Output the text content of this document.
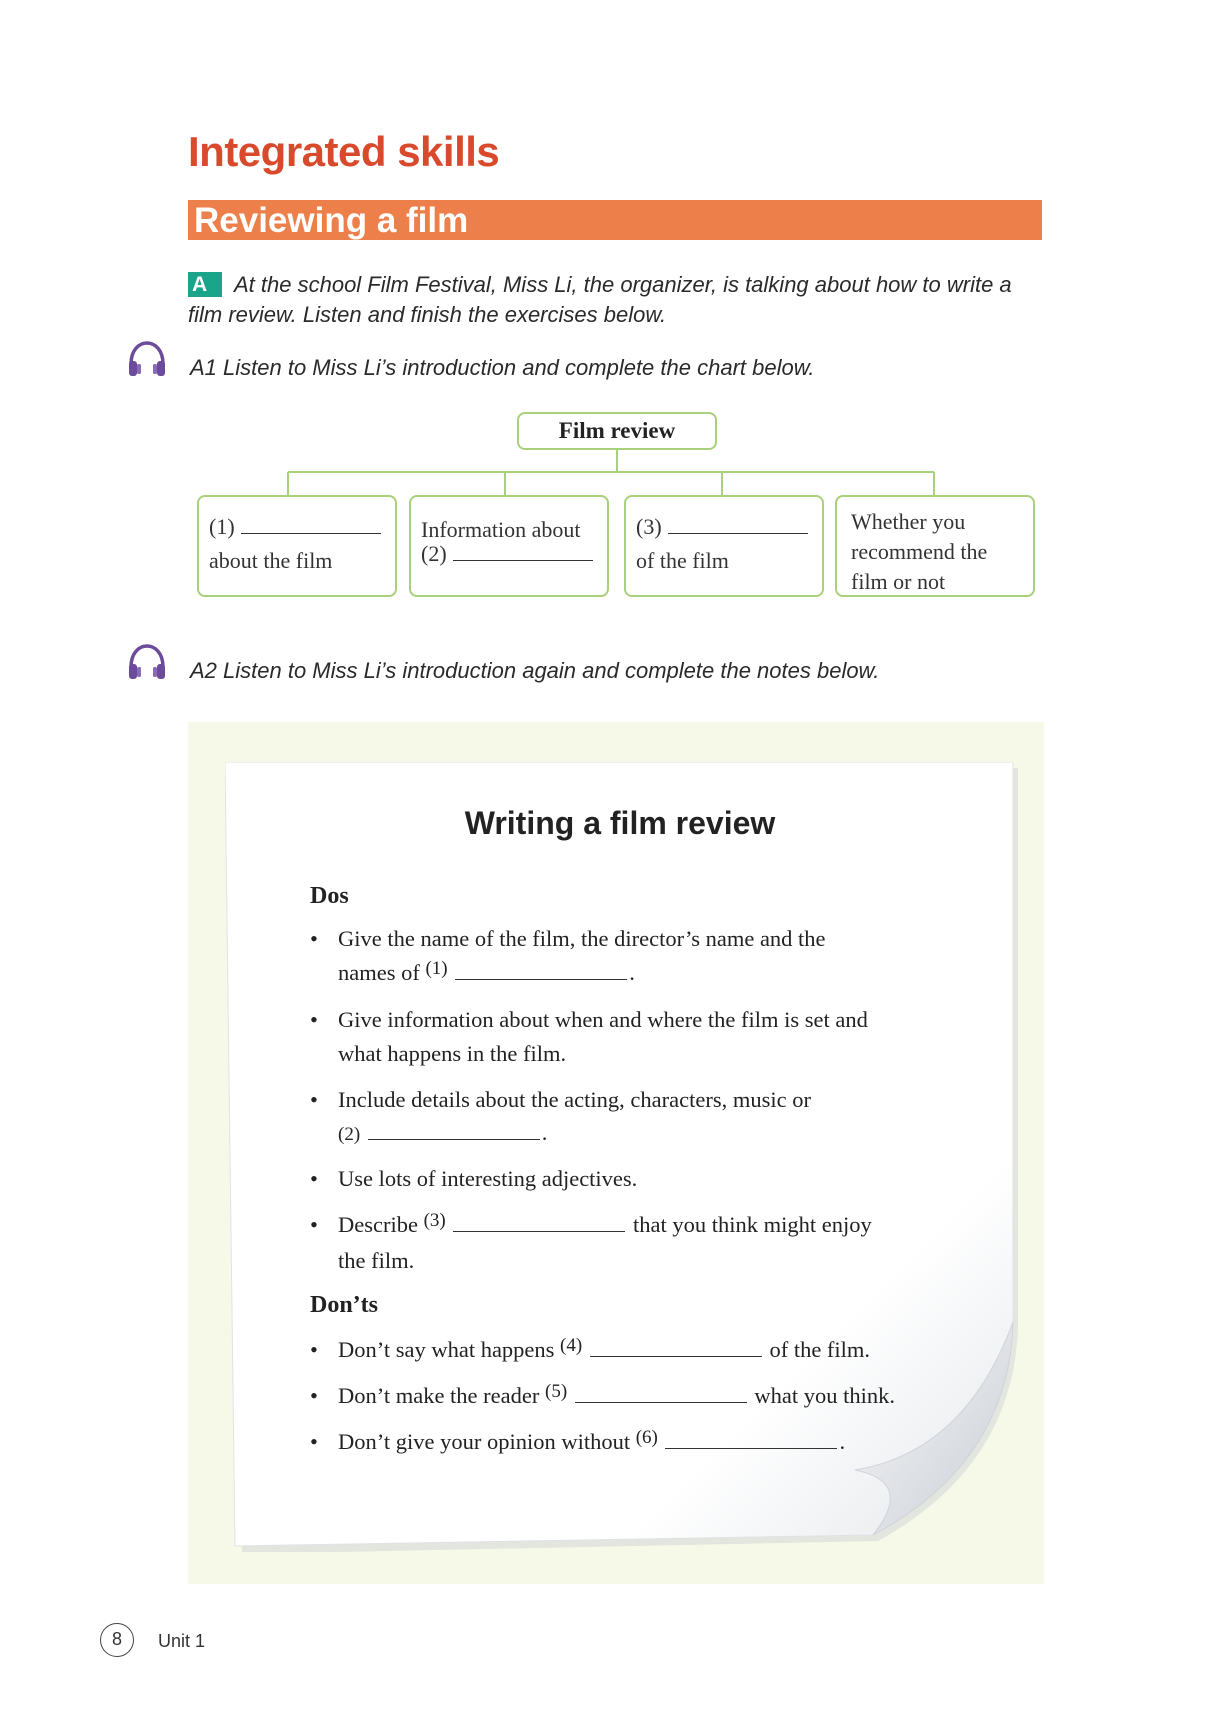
Integrated skills
Reviewing a film
A	At the school Film Festival, Miss Li, the organizer, is talking about how to write a film review. Listen and finish the exercises below.
A1 Listen to Miss Li’s introduction and complete the chart below.
Film review
(1)
about the film
Information about
(2)
(3)
of the film
Whether you
recommend the
film or not
A2 Listen to Miss Li’s introduction again and complete the notes below.
Writing a film review
Dos
• Give the name of the film, the director’s name and the
names of $^{(1)}$	.
• Give information about when and where the film is set and
what happens in the film.
• Include details about the acting, characters, music or
(2)	.
• Use lots of interesting adjectives.
• Describe $^{(3)}$	that you think might enjoy
the film.
Don’ts
• Don’t say what happens $^{(4)}$	of the film.
• Don’t make the reader $^{(5)}$	what you think.
• Don’t give your opinion without $^{(6)}$	.
8	Unit 1
